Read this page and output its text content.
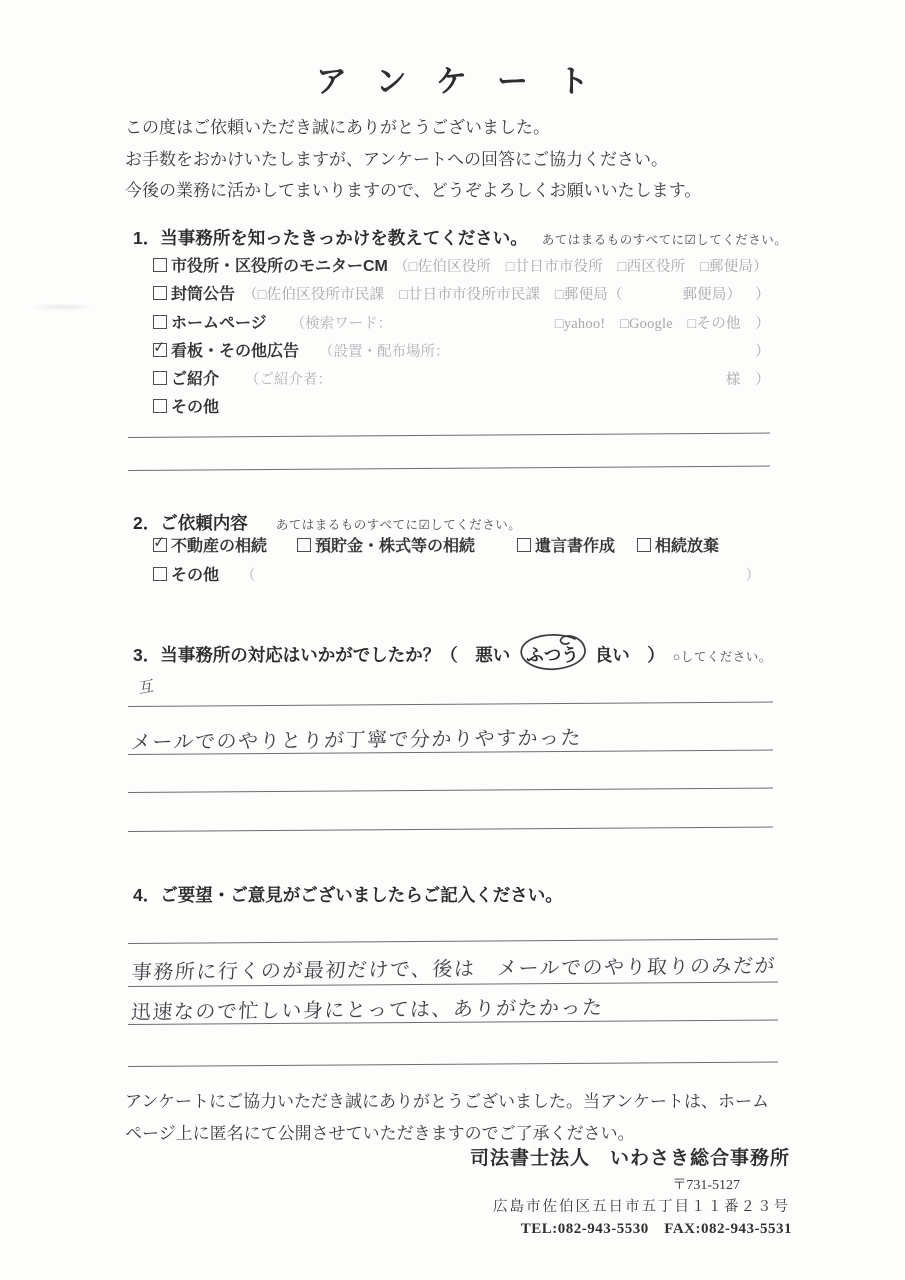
アンケート
この度はご依頼いただき誠にありがとうございました。
お手数をおかけいたしますが、アンケートへの回答にご協力ください。
今後の業務に活かしてまいりますので、どうぞよろしくお願いいたします。
1．当事務所を知ったきっかけを教えてください。 あてはまるものすべてに☑してください。
市役所・区役所のモニターCM （□佐伯区役所　□廿日市市役所　□西区役所　□郵便局）
封筒公告 （□佐伯区役所市民課　□廿日市市役所市民課　□郵便局（	郵便局） ）
ホームページ （検索ワード：	□yahoo!　□Google　□その他　）
✓
看板・その他広告 （設置・配布場所：	）
ご紹介 （ご紹介者：	様　）
その他
2．ご依頼内容 あてはまるものすべてに☑してください。
✓
不動産の相続	預貯金・株式等の相続	遺言書作成	相続放棄
その他 （	）
3．当事務所の対応はいかがでしたか？（　悪い ふつう 良い　） ○してください。
互
メールでのやりとりが丁寧で分かりやすかった
4．ご要望・ご意見がございましたらご記入ください。
事務所に行くのが最初だけで、後は　メールでのやり取りのみだが
迅速なので忙しい身にとっては、ありがたかった
アンケートにご協力いただき誠にありがとうございました。当アンケートは、ホーム
ページ上に匿名にて公開させていただきますのでご了承ください。
司法書士法人　いわさき総合事務所
〒731-5127
広島市佐伯区五日市五丁目１１番２３号
TEL:082-943-5530　FAX:082-943-5531
